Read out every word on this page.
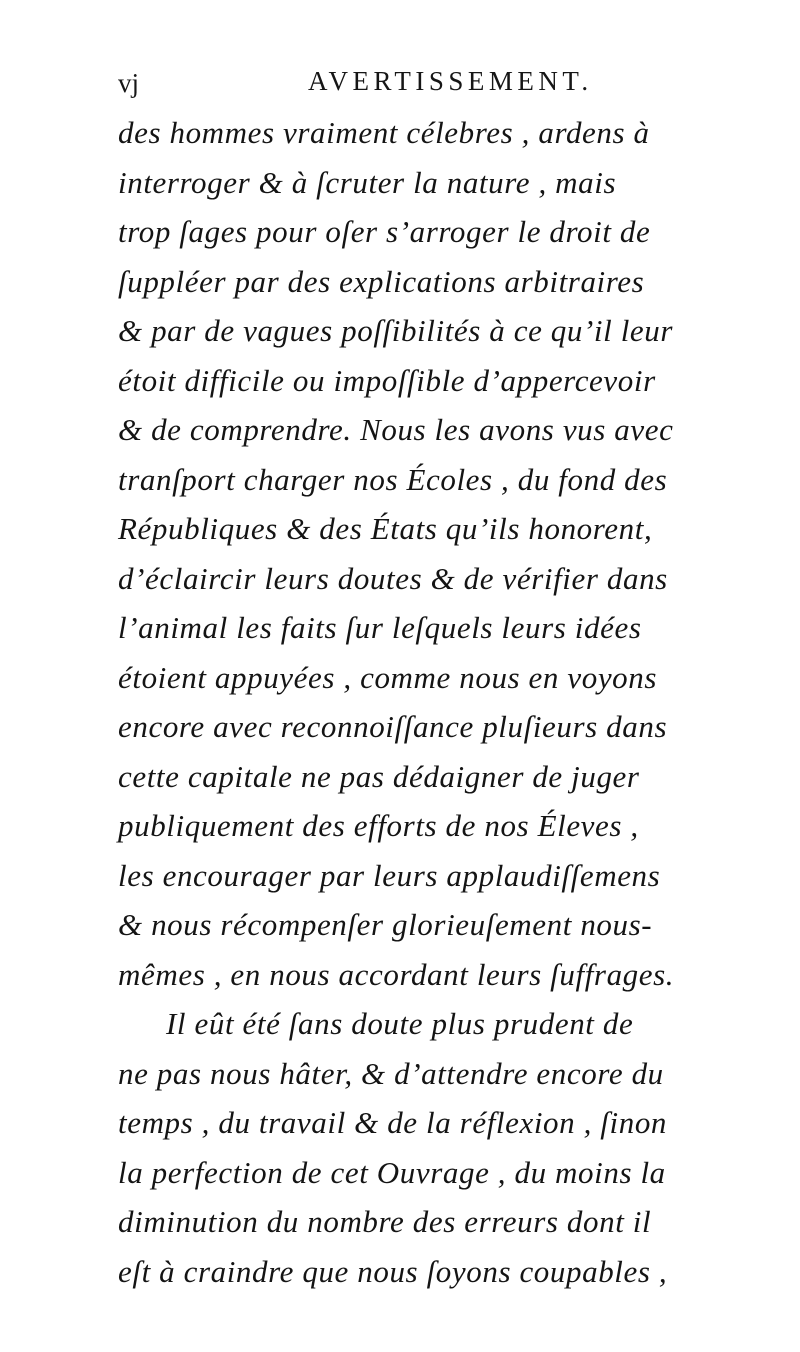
vj	AVERTISSEMENT.
des hommes vraiment célebres , ardens à
interroger & à ſcruter la nature , mais
trop ſages pour oſer s’arroger le droit de
ſuppléer par des explications arbitraires
& par de vagues poſſibilités à ce qu’il leur
étoit difficile ou impoſſible d’appercevoir
& de comprendre. Nous les avons vus avec
tranſport charger nos Écoles , du fond des
Républiques & des États qu’ils honorent,
d’éclaircir leurs doutes & de vérifier dans
l’animal les faits ſur leſquels leurs idées
étoient appuyées , comme nous en voyons
encore avec reconnoiſſance pluſieurs dans
cette capitale ne pas dédaigner de juger
publiquement des efforts de nos Éleves ,
les encourager par leurs applaudiſſemens
& nous récompenſer glorieuſement nous-
mêmes , en nous accordant leurs ſuffrages.
Il eût été ſans doute plus prudent de
ne pas nous hâter, & d’attendre encore du
temps , du travail & de la réflexion , ſinon
la perfection de cet Ouvrage , du moins la
diminution du nombre des erreurs dont il
eſt à craindre que nous ſoyons coupables ,
